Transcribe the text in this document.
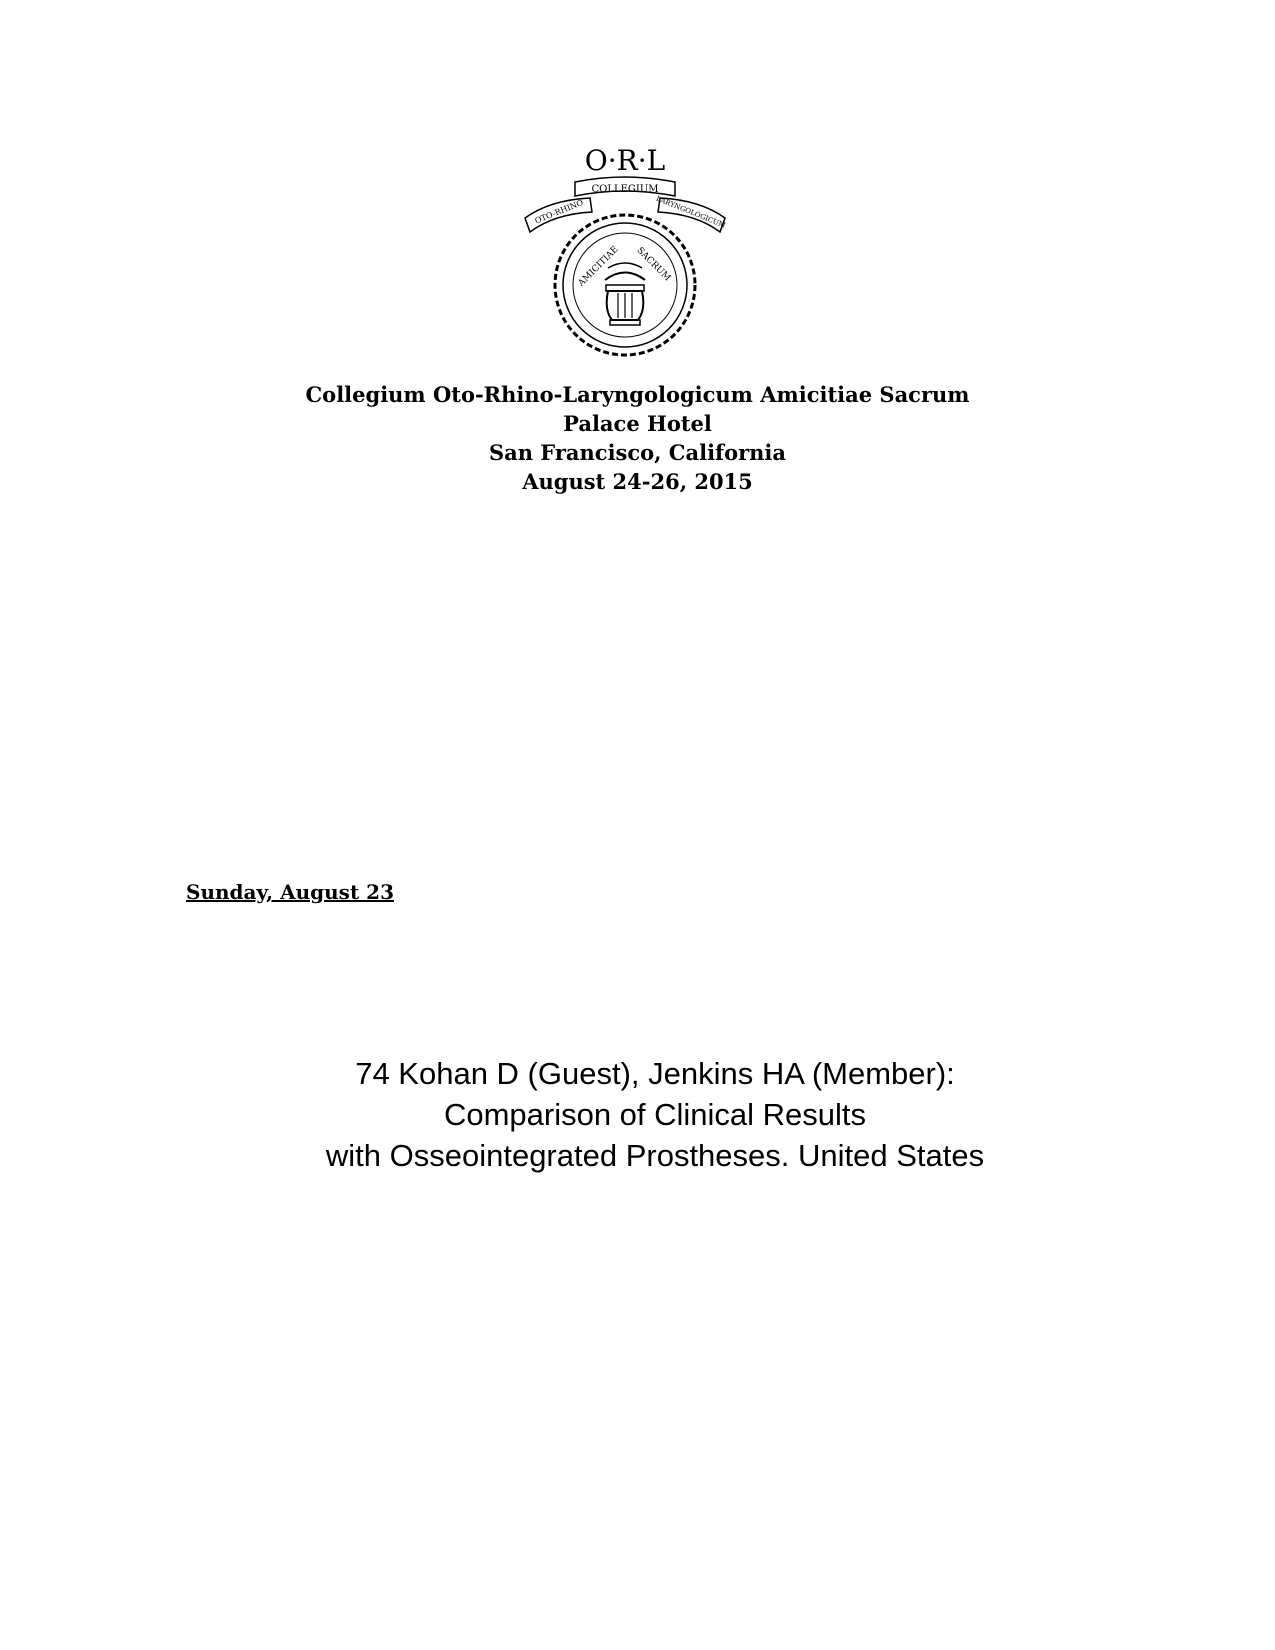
O·R·L
COLLEGIUM
OTO-RHINO	LARYNGOLOGICUM
AMICITIAE SACRUM
Collegium Oto-Rhino-Laryngologicum Amicitiae Sacrum
Palace Hotel
San Francisco, California
August 24-26, 2015
Sunday, August 23
74 Kohan D (Guest), Jenkins HA (Member):
Comparison of Clinical Results
with Osseointegrated Prostheses. United States
